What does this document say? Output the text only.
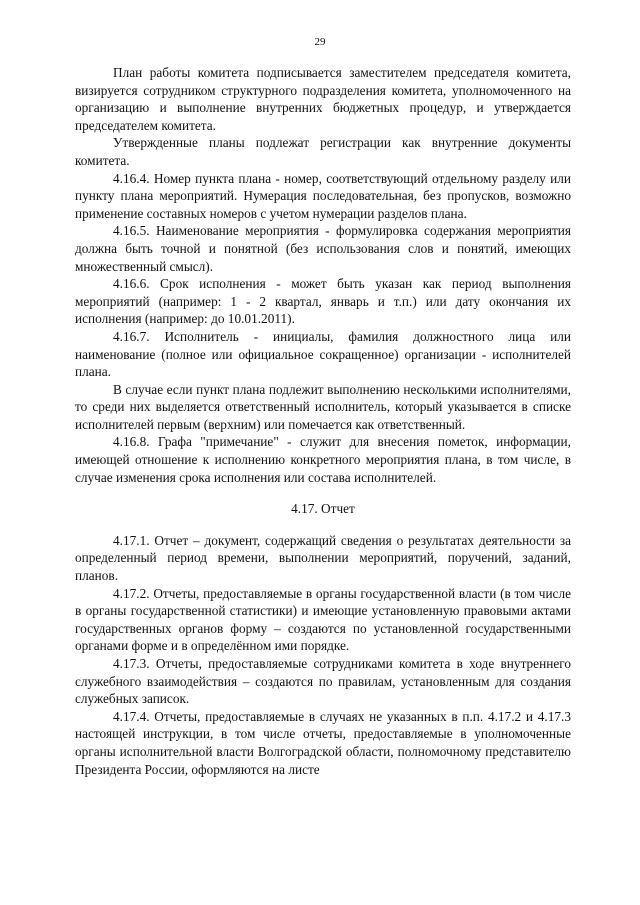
29

План работы комитета подписывается заместителем председателя комитета, визируется сотрудником структурного подразделения комитета, уполномоченного на организацию и выполнение внутренних бюджетных процедур, и утверждается председателем комитета.

Утвержденные планы подлежат регистрации как внутренние документы комитета.

4.16.4. Номер пункта плана - номер, соответствующий отдельному разделу или пункту плана мероприятий. Нумерация последовательная, без пропусков, возможно применение составных номеров с учетом нумерации разделов плана.

4.16.5. Наименование мероприятия - формулировка содержания мероприятия должна быть точной и понятной (без использования слов и понятий, имеющих множественный смысл).

4.16.6. Срок исполнения - может быть указан как период выполнения мероприятий (например: 1 - 2 квартал, январь и т.п.) или дату окончания их исполнения (например: до 10.01.2011).

4.16.7. Исполнитель - инициалы, фамилия должностного лица или наименование (полное или официальное сокращенное) организации - исполнителей плана.

В случае если пункт плана подлежит выполнению несколькими исполнителями, то среди них выделяется ответственный исполнитель, который указывается в списке исполнителей первым (верхним) или помечается как ответственный.

4.16.8. Графа "примечание" - служит для внесения пометок, информации, имеющей отношение к исполнению конкретного мероприятия плана, в том числе, в случае изменения срока исполнения или состава исполнителей.

4.17. Отчет

4.17.1. Отчет – документ, содержащий сведения о результатах деятельности за определенный период времени, выполнении мероприятий, поручений, заданий, планов.

4.17.2. Отчеты, предоставляемые в органы государственной власти (в том числе в органы государственной статистики) и имеющие установленную правовыми актами государственных органов форму – создаются по установленной государственными органами форме и в определённом ими порядке.

4.17.3. Отчеты, предоставляемые сотрудниками комитета в ходе внутреннего служебного взаимодействия – создаются по правилам, установленным для создания служебных записок.

4.17.4. Отчеты, предоставляемые в случаях не указанных в п.п. 4.17.2 и 4.17.3 настоящей инструкции, в том числе отчеты, предоставляемые в уполномоченные органы исполнительной власти Волгоградской области, полномочному представителю Президента России, оформляются на листе
